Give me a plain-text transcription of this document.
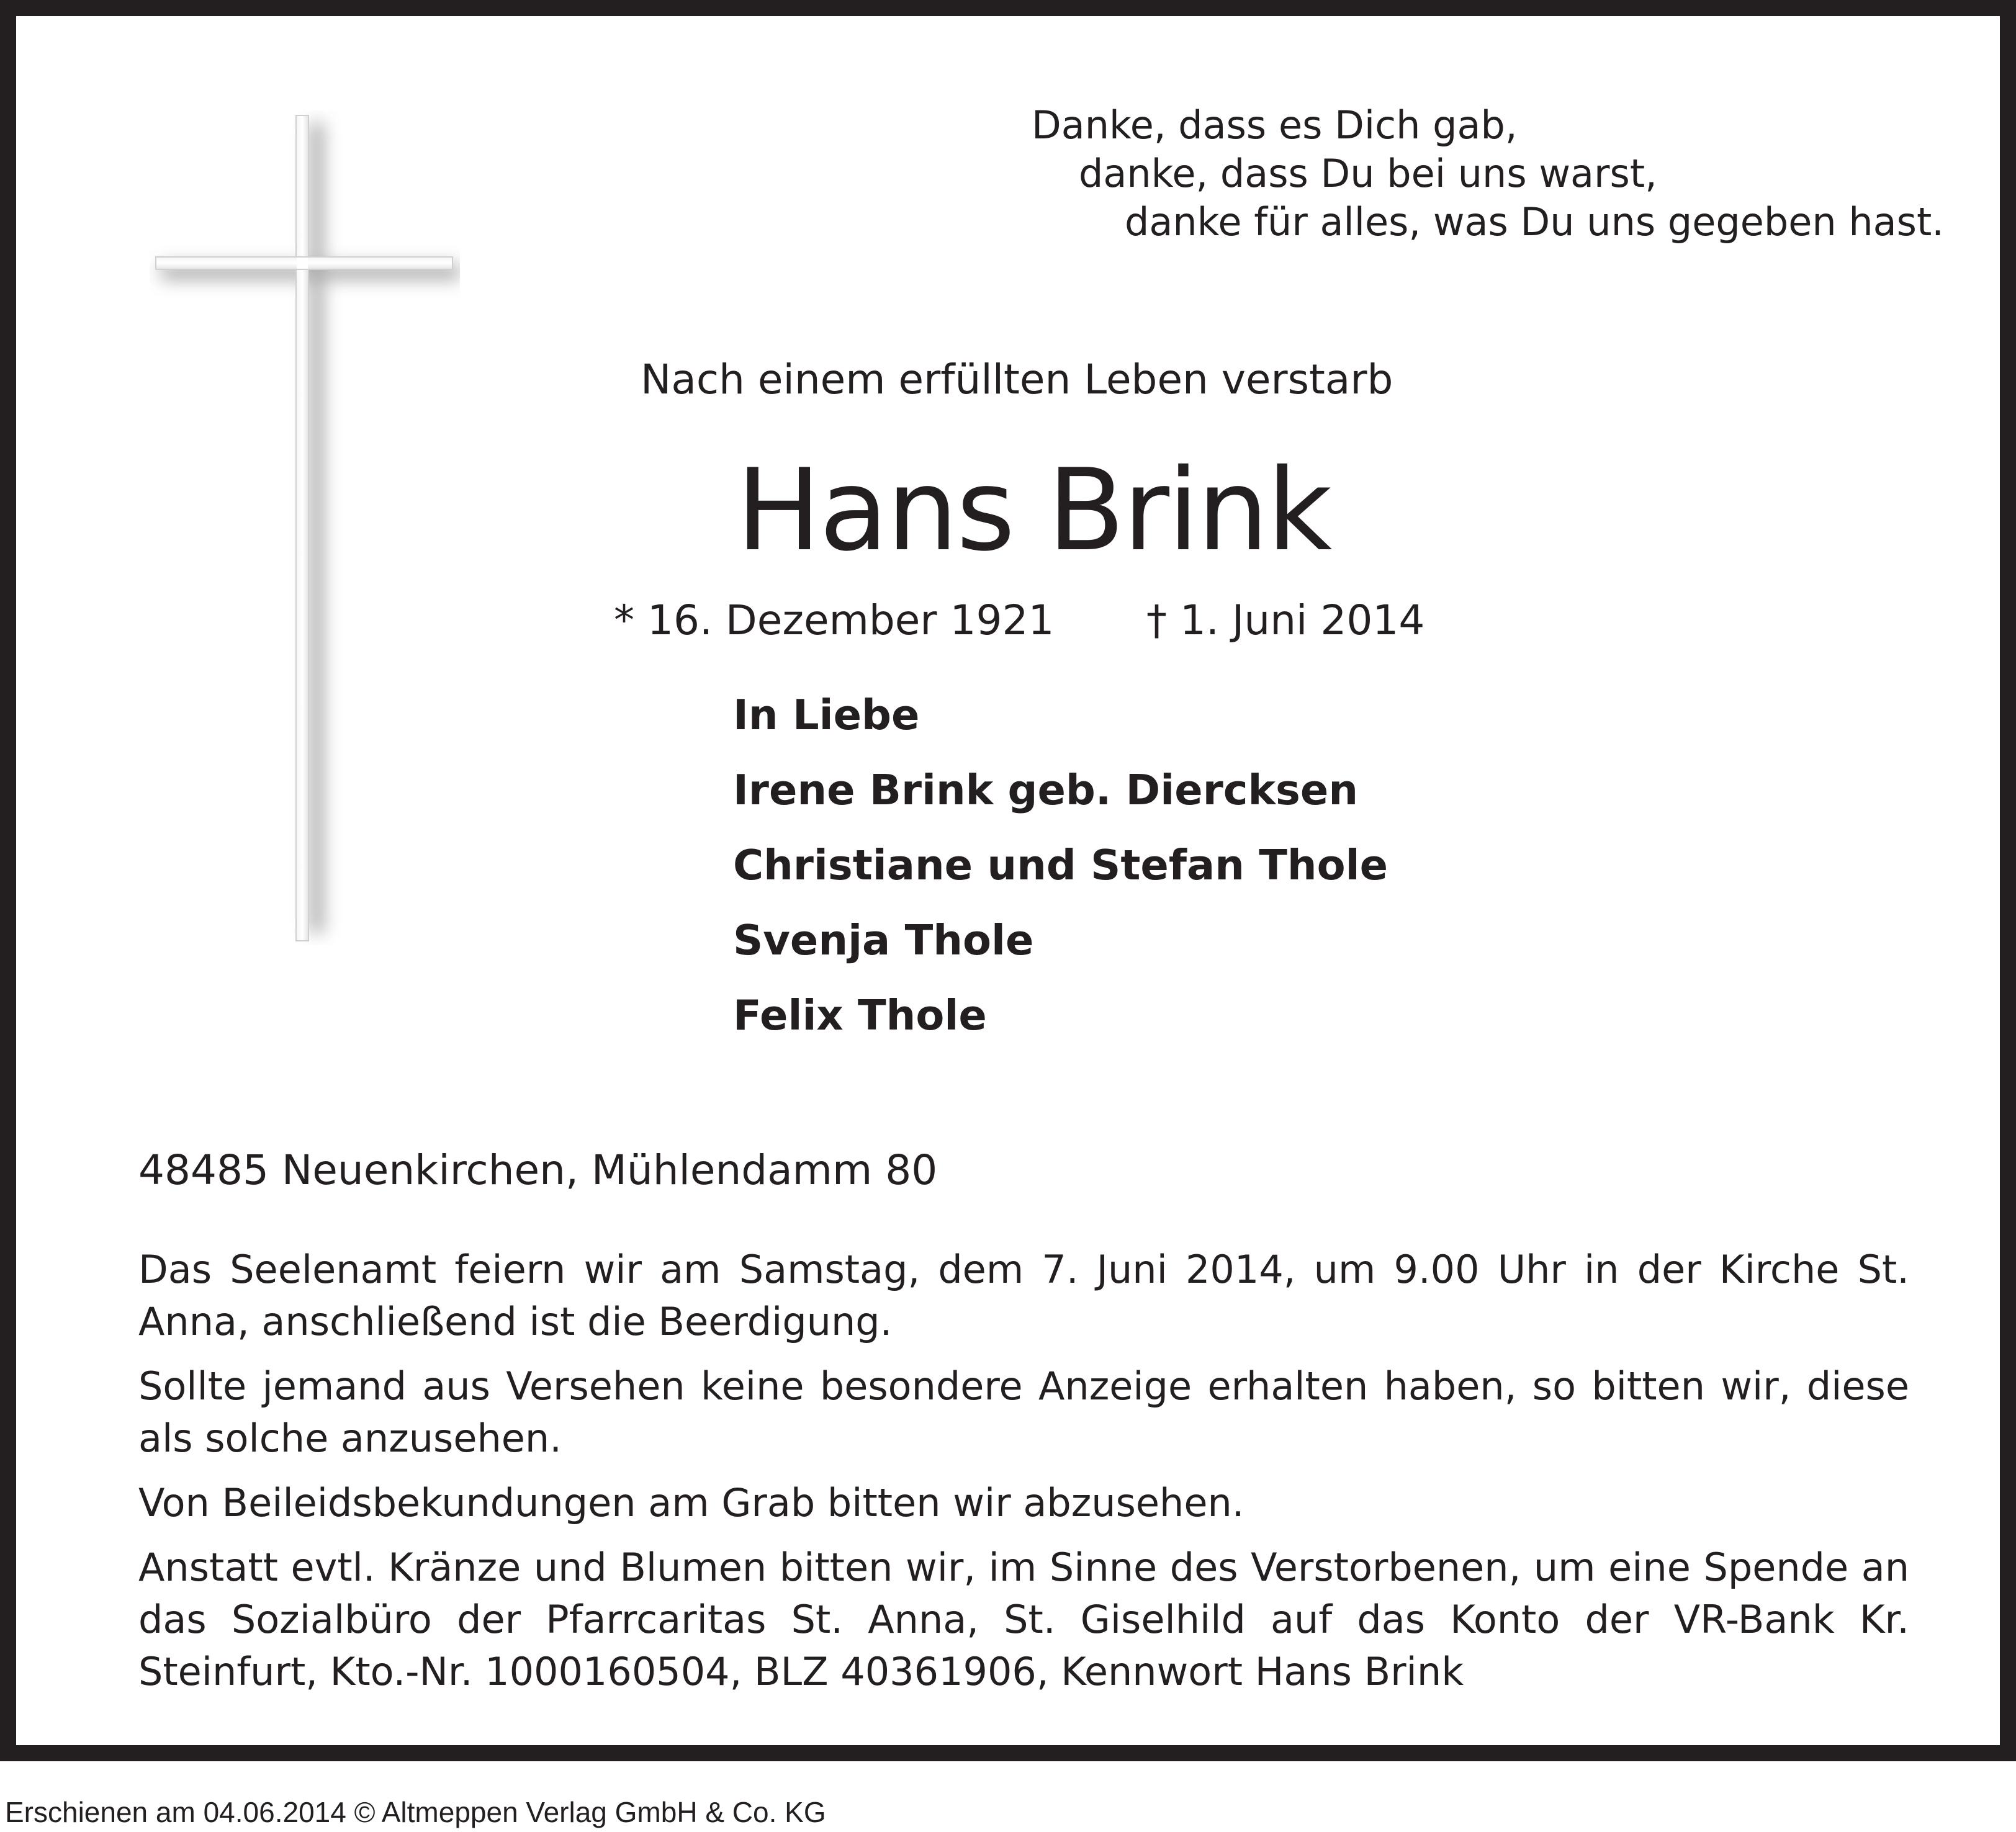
Danke, dass es Dich gab,
danke, dass Du bei uns warst,
danke für alles, was Du uns gegeben hast.
Nach einem erfüllten Leben verstarb
Hans Brink
* 16. Dezember 1921 † 1. Juni 2014
In Liebe
Irene Brink geb. Diercksen
Christiane und Stefan Thole
Svenja Thole
Felix Thole
48485 Neuenkirchen, Mühlendamm 80
Das Seelenamt feiern wir am Samstag, dem 7. Juni 2014, um 9.00 Uhr in der Kirche St. Anna, anschließend ist die Beerdigung.
Sollte jemand aus Versehen keine besondere Anzeige erhalten haben, so bitten wir, diese als solche anzusehen.
Von Beileidsbekundungen am Grab bitten wir abzusehen.
Anstatt evtl. Kränze und Blumen bitten wir, im Sinne des Verstorbenen, um eine Spende an das Sozialbüro der Pfarrcaritas St. Anna, St. Giselhild auf das Konto der VR-Bank Kr. Steinfurt, Kto.-Nr. 1000160504, BLZ 40361906, Kennwort Hans Brink
Erschienen am 04.06.2014 © Altmeppen Verlag GmbH & Co. KG
